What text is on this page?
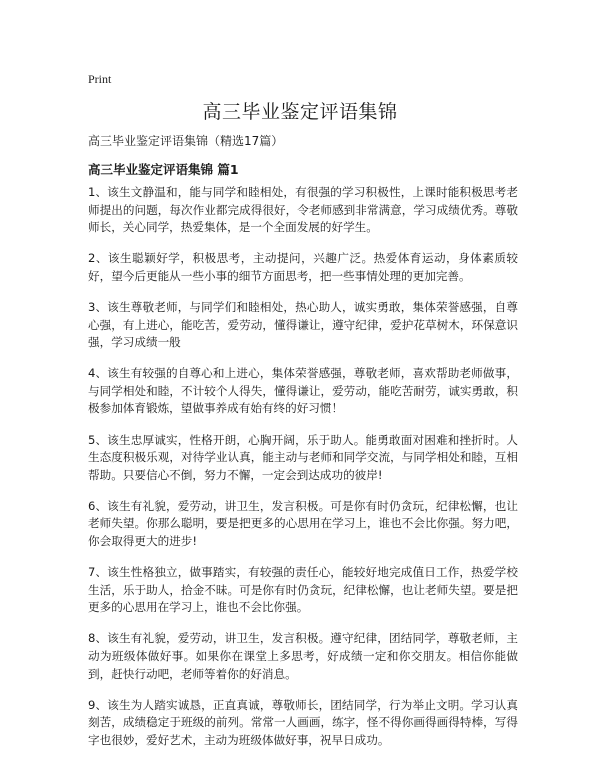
Print
高三毕业鉴定评语集锦

高三毕业鉴定评语集锦（精选17篇）

高三毕业鉴定评语集锦 篇1

1、该生文静温和，能与同学和睦相处，有很强的学习积极性，上课时能积极思考老师提出的问题，每次作业都完成得很好，令老师感到非常满意，学习成绩优秀。尊敬师长，关心同学，热爱集体，是一个全面发展的好学生。

2、该生聪颖好学，积极思考，主动提问，兴趣广泛。热爱体育运动，身体素质较好，望今后更能从一些小事的细节方面思考，把一些事情处理的更加完善。

3、该生尊敬老师，与同学们和睦相处，热心助人，诚实勇敢，集体荣誉感强，自尊心强，有上进心，能吃苦，爱劳动，懂得谦让，遵守纪律，爱护花草树木，环保意识强，学习成绩一般

4、该生有较强的自尊心和上进心，集体荣誉感强，尊敬老师，喜欢帮助老师做事，与同学相处和睦，不计较个人得失，懂得谦让，爱劳动，能吃苦耐劳，诚实勇敢，积极参加体育锻炼，望做事养成有始有终的好习惯！

5、该生忠厚诚实，性格开朗，心胸开阔，乐于助人。能勇敢面对困难和挫折时。人生态度积极乐观，对待学业认真，能主动与老师和同学交流，与同学相处和睦，互相帮助。只要信心不倒，努力不懈，一定会到达成功的彼岸!

6、该生有礼貌，爱劳动，讲卫生，发言积极。可是你有时仍贪玩，纪律松懈，也让老师失望。你那么聪明，要是把更多的心思用在学习上，谁也不会比你强。努力吧，你会取得更大的进步!

7、该生性格独立，做事踏实，有较强的责任心，能较好地完成值日工作，热爱学校生活，乐于助人，拾金不昧。可是你有时仍贪玩，纪律松懈，也让老师失望。要是把更多的心思用在学习上，谁也不会比你强。

8、该生有礼貌，爱劳动，讲卫生，发言积极。遵守纪律，团结同学，尊敬老师，主动为班级体做好事。如果你在课堂上多思考，好成绩一定和你交朋友。相信你能做到，赶快行动吧，老师等着你的好消息。

9、该生为人踏实诚恳，正直真诚，尊敬师长，团结同学，行为举止文明。学习认真刻苦，成绩稳定于班级的前列。常常一人画画，练字，怪不得你画得画得特棒，写得字也很妙，爱好艺术，主动为班级体做好事，祝早日成功。
